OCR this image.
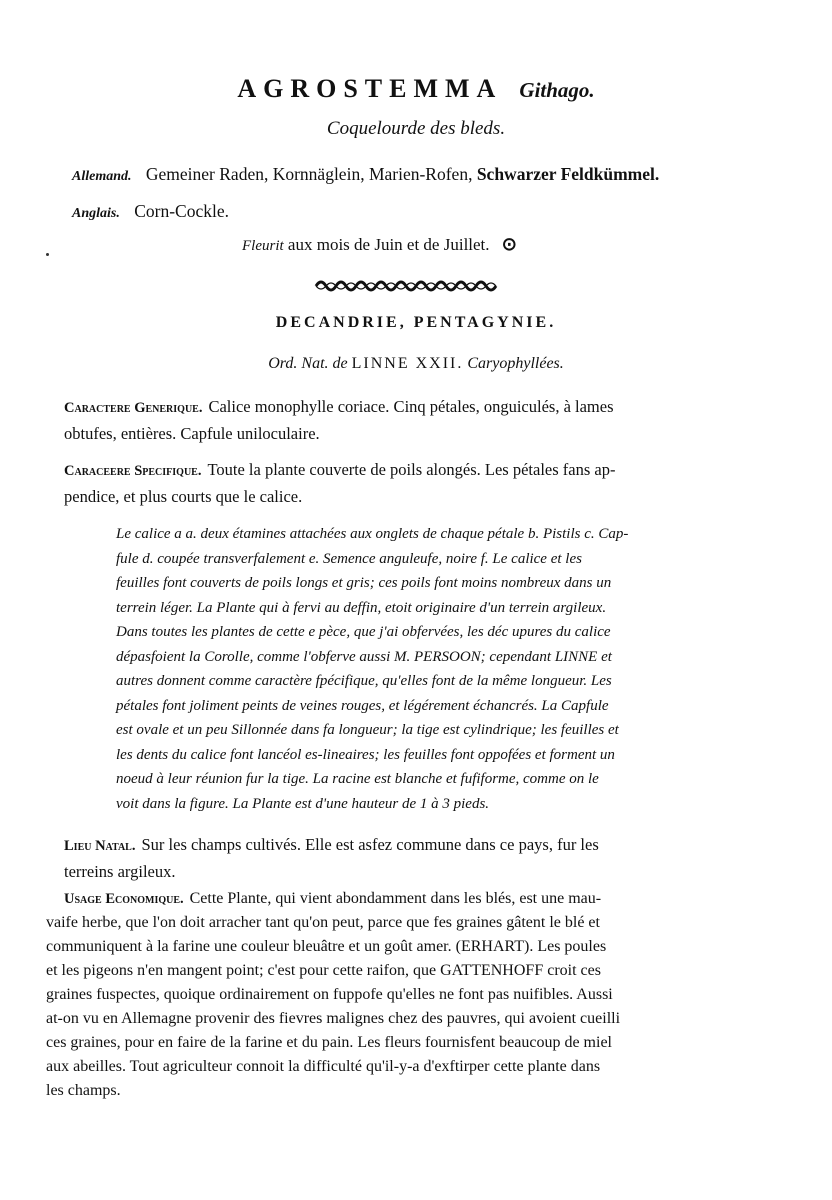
AGROSTEMMA Githago.
Coquelourde des bleds.
Allemand. Gemeiner Raden, Kornnäglein, Marien-Rofen, Schwarzer Feldkümmel.
Anglais. Corn-Cockle.
Fleurit aux mois de Juin et de Juillet. ⊙
DECANDRIE, PENTAGYNIE.
Ord. Nat. de LINNE XXII. Caryophyllées.
Caractere Generique. Calice monophylle coriace. Cinq pétales, onguiculés, à lames
obtufes, entières. Capfule uniloculaire.
Caraceere Specifique. Toute la plante couverte de poils alongés. Les pétales fans ap-
pendice, et plus courts que le calice.
Le calice a a. deux étamines attachées aux onglets de chaque pétale b. Pistils c. Cap-
fule d. coupée transverfalement e. Semence anguleufe, noire f. Le calice et les
feuilles font couverts de poils longs et gris; ces poils font moins nombreux dans un
terrein léger. La Plante qui à fervi au deffin, etoit originaire d'un terrein argileux.
Dans toutes les plantes de cette e pèce, que j'ai obfervées, les déc upures du calice
dépasfoient la Corolle, comme l'obferve aussi M. PERSOON; cependant LINNE et
autres donnent comme caractère fpécifique, qu'elles font de la même longueur. Les
pétales font joliment peints de veines rouges, et légérement échancrés. La Capfule
est ovale et un peu Sillonnée dans fa longueur; la tige est cylindrique; les feuilles et
les dents du calice font lancéol es-lineaires; les feuilles font oppofées et forment un
noeud à leur réunion fur la tige. La racine est blanche et fufiforme, comme on le
voit dans la figure. La Plante est d'une hauteur de 1 à 3 pieds.
Lieu Natal. Sur les champs cultivés. Elle est asfez commune dans ce pays, fur les
terreins argileux.
Usage Economique. Cette Plante, qui vient abondamment dans les blés, est une mau-
vaife herbe, que l'on doit arracher tant qu'on peut, parce que fes graines gâtent le blé et
communiquent à la farine une couleur bleuâtre et un goût amer. (ERHART). Les poules
et les pigeons n'en mangent point; c'est pour cette raifon, que GATTENHOFF croit ces
graines fuspectes, quoique ordinairement on fuppofe qu'elles ne font pas nuifibles. Aussi
at-on vu en Allemagne provenir des fievres malignes chez des pauvres, qui avoient cueilli
ces graines, pour en faire de la farine et du pain. Les fleurs fournisfent beaucoup de miel
aux abeilles. Tout agriculteur connoit la difficulté qu'il-y-a d'exftirper cette plante dans
les champs.
